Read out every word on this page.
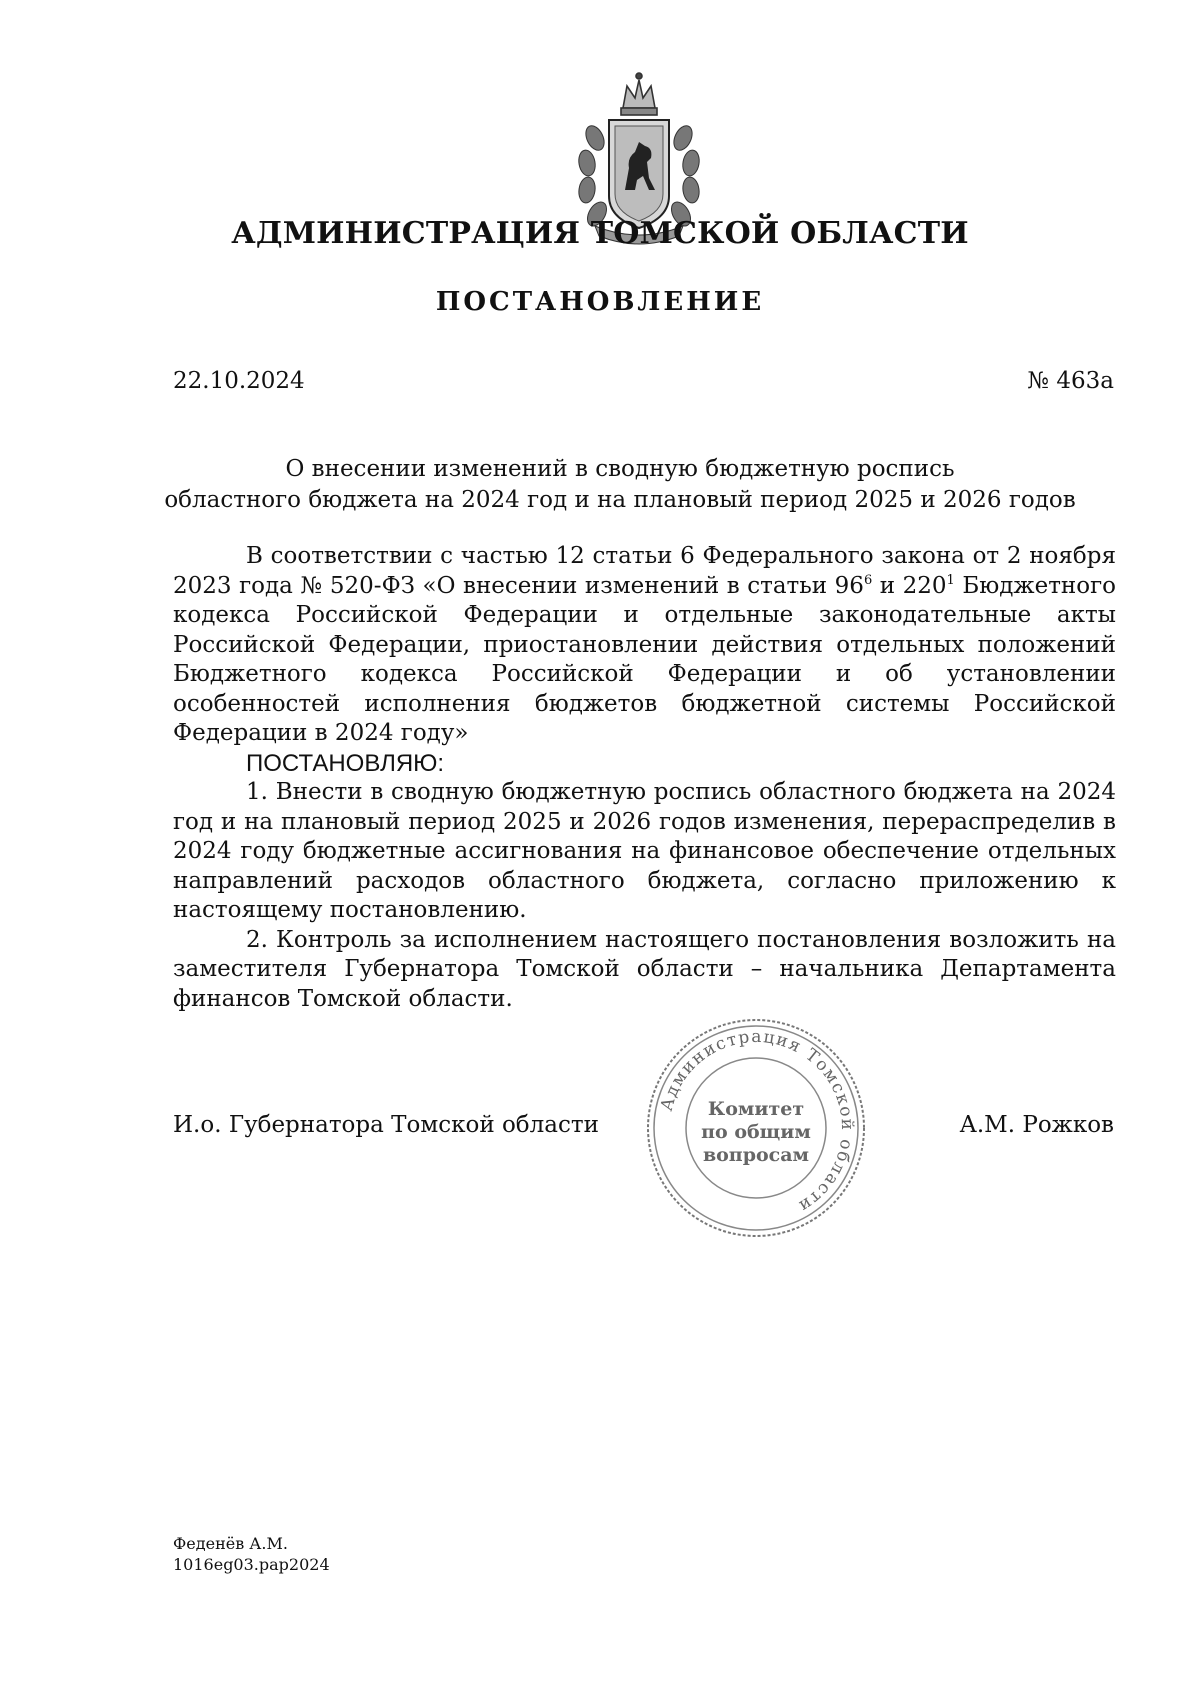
АДМИНИСТРАЦИЯ ТОМСКОЙ ОБЛАСТИ
ПОСТАНОВЛЕНИЕ
22.10.2024	№ 463а
О внесении изменений в сводную бюджетную роспись
областного бюджета на 2024 год и на плановый период 2025 и 2026 годов

В соответствии с частью 12 статьи 6 Федерального закона от 2 ноября 2023 года № 520-ФЗ «О внесении изменений в статьи $96^6$ и $220^1$ Бюджетного кодекса Российской Федерации и отдельные законодательные акты Российской Федерации, приостановлении действия отдельных положений Бюджетного кодекса Российской Федерации и об установлении особенностей исполнения бюджетов бюджетной системы Российской Федерации в 2024 году»

ПОСТАНОВЛЯЮ:

1. Внести в сводную бюджетную роспись областного бюджета на 2024 год и на плановый период 2025 и 2026 годов изменения, перераспределив в 2024 году бюджетные ассигнования на финансовое обеспечение отдельных направлений расходов областного бюджета, согласно приложению к настоящему постановлению.

2. Контроль за исполнением настоящего постановления возложить на заместителя Губернатора Томской области – начальника Департамента финансов Томской области.

И.о. Губернатора Томской области	А.М. Рожков
Администрация Томской области
Комитет
по общим
вопросам
Феденёв А.М.
1016eg03.pap2024
